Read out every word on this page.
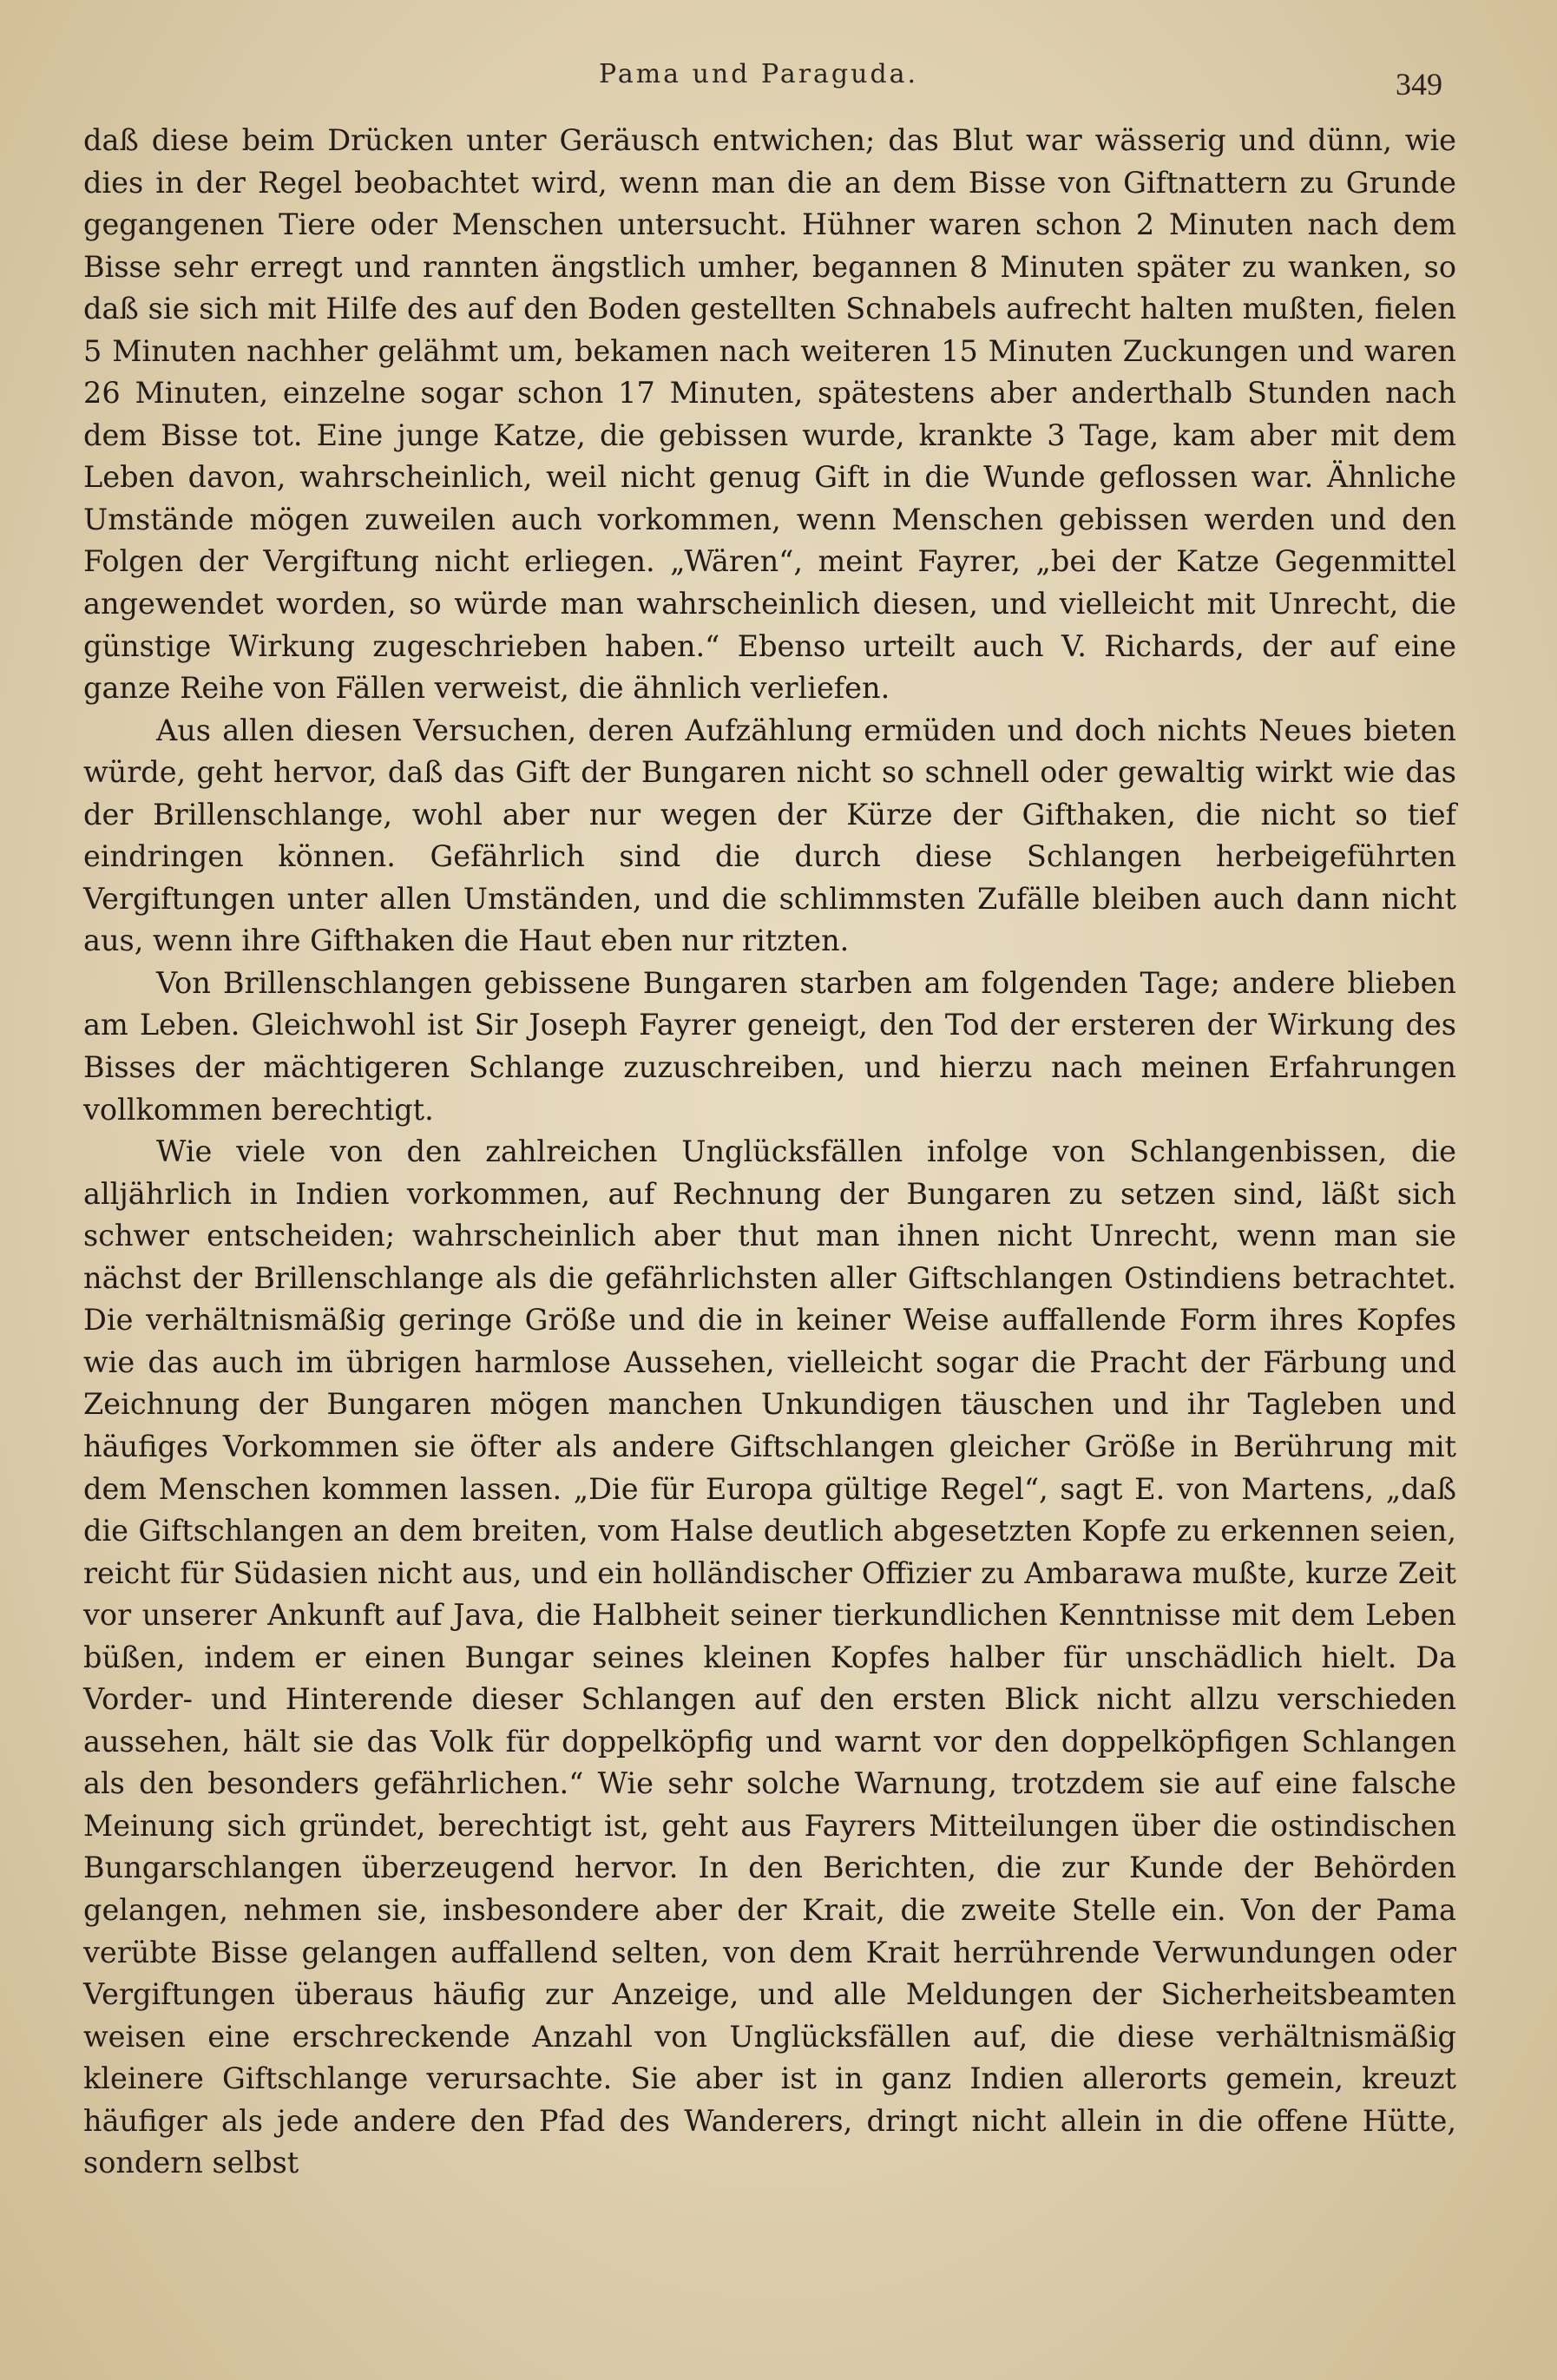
Pama und Paraguda.	349

daß diese beim Drücken unter Geräusch entwichen; das Blut war wässerig und dünn, wie dies in der Regel beobachtet wird, wenn man die an dem Bisse von Giftnattern zu Grunde gegangenen Tiere oder Menschen untersucht. Hühner waren schon 2 Minuten nach dem Bisse sehr erregt und rannten ängstlich umher, begannen 8 Minuten später zu wanken, so daß sie sich mit Hilfe des auf den Boden gestellten Schnabels aufrecht halten mußten, fielen 5 Minuten nachher gelähmt um, bekamen nach weiteren 15 Minuten Zuckungen und waren 26 Minuten, einzelne sogar schon 17 Minuten, spätestens aber anderthalb Stunden nach dem Bisse tot. Eine junge Katze, die gebissen wurde, krankte 3 Tage, kam aber mit dem Leben davon, wahrscheinlich, weil nicht genug Gift in die Wunde geflossen war. Ähnliche Umstände mögen zuweilen auch vorkommen, wenn Menschen gebissen werden und den Folgen der Vergiftung nicht erliegen. „Wären“, meint Fayrer, „bei der Katze Gegenmittel angewendet worden, so würde man wahrscheinlich diesen, und vielleicht mit Unrecht, die günstige Wirkung zugeschrieben haben.“ Ebenso urteilt auch V. Richards, der auf eine ganze Reihe von Fällen verweist, die ähnlich verliefen.

Aus allen diesen Versuchen, deren Aufzählung ermüden und doch nichts Neues bieten würde, geht hervor, daß das Gift der Bungaren nicht so schnell oder gewaltig wirkt wie das der Brillenschlange, wohl aber nur wegen der Kürze der Gifthaken, die nicht so tief eindringen können. Gefährlich sind die durch diese Schlangen herbeigeführten Vergiftungen unter allen Umständen, und die schlimmsten Zufälle bleiben auch dann nicht aus, wenn ihre Gifthaken die Haut eben nur ritzten.

Von Brillenschlangen gebissene Bungaren starben am folgenden Tage; andere blieben am Leben. Gleichwohl ist Sir Joseph Fayrer geneigt, den Tod der ersteren der Wirkung des Bisses der mächtigeren Schlange zuzuschreiben, und hierzu nach meinen Erfahrungen vollkommen berechtigt.

Wie viele von den zahlreichen Unglücksfällen infolge von Schlangenbissen, die alljährlich in Indien vorkommen, auf Rechnung der Bungaren zu setzen sind, läßt sich schwer entscheiden; wahrscheinlich aber thut man ihnen nicht Unrecht, wenn man sie nächst der Brillenschlange als die gefährlichsten aller Giftschlangen Ostindiens betrachtet. Die verhältnismäßig geringe Größe und die in keiner Weise auffallende Form ihres Kopfes wie das auch im übrigen harmlose Aussehen, vielleicht sogar die Pracht der Färbung und Zeichnung der Bungaren mögen manchen Unkundigen täuschen und ihr Tagleben und häufiges Vorkommen sie öfter als andere Giftschlangen gleicher Größe in Berührung mit dem Menschen kommen lassen. „Die für Europa gültige Regel“, sagt E. von Martens, „daß die Giftschlangen an dem breiten, vom Halse deutlich abgesetzten Kopfe zu erkennen seien, reicht für Südasien nicht aus, und ein holländischer Offizier zu Ambarawa mußte, kurze Zeit vor unserer Ankunft auf Java, die Halbheit seiner tierkundlichen Kenntnisse mit dem Leben büßen, indem er einen Bungar seines kleinen Kopfes halber für unschädlich hielt. Da Vorder- und Hinterende dieser Schlangen auf den ersten Blick nicht allzu verschieden aussehen, hält sie das Volk für doppelköpfig und warnt vor den doppelköpfigen Schlangen als den besonders gefährlichen.“ Wie sehr solche Warnung, trotzdem sie auf eine falsche Meinung sich gründet, berechtigt ist, geht aus Fayrers Mitteilungen über die ostindischen Bungarschlangen überzeugend hervor. In den Berichten, die zur Kunde der Behörden gelangen, nehmen sie, insbesondere aber der Krait, die zweite Stelle ein. Von der Pama verübte Bisse gelangen auffallend selten, von dem Krait herrührende Verwundungen oder Vergiftungen überaus häufig zur Anzeige, und alle Meldungen der Sicherheitsbeamten weisen eine erschreckende Anzahl von Unglücksfällen auf, die diese verhältnismäßig kleinere Giftschlange verursachte. Sie aber ist in ganz Indien allerorts gemein, kreuzt häufiger als jede andere den Pfad des Wanderers, dringt nicht allein in die offene Hütte, sondern selbst
